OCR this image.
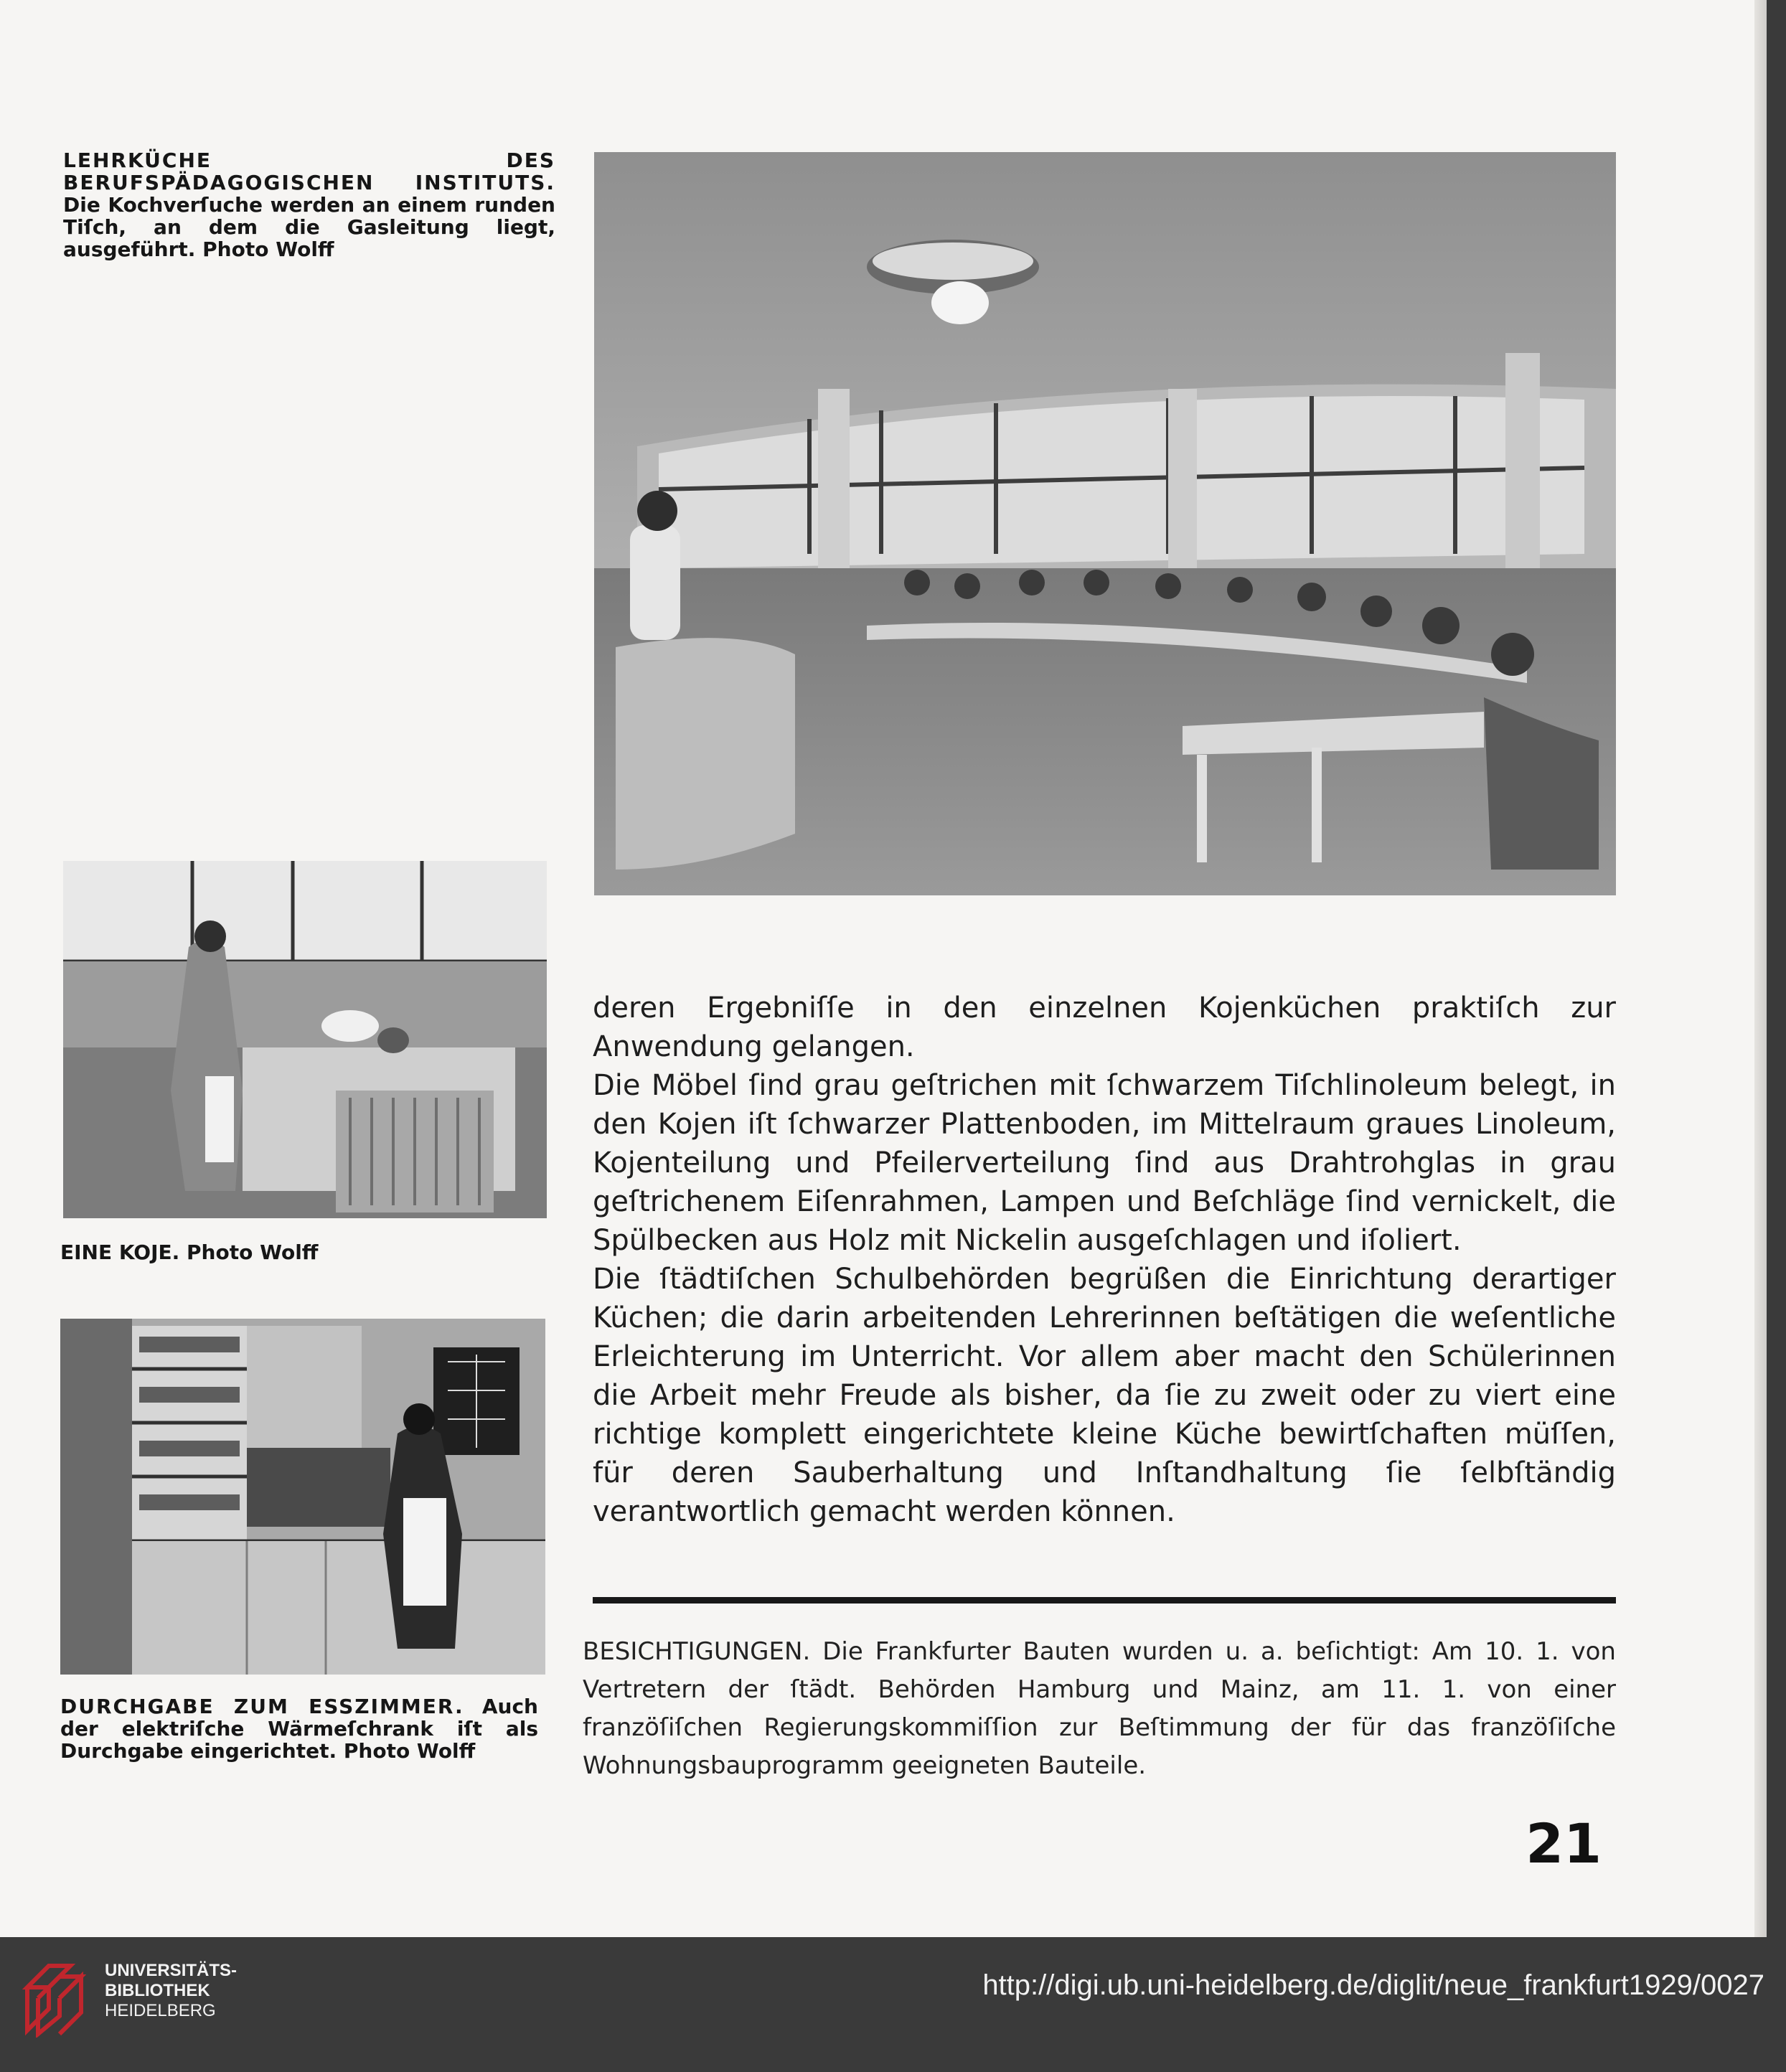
LEHRKÜCHE DES BERUFSPÄDAGOGISCHEN INSTITUTS. Die Kochverſuche werden an einem runden Tiſch, an dem die Gasleitung liegt, ausgeführt. Photo Wolff

EINE KOJE. Photo Wolff

DURCHGABE ZUM ESSZIMMER. Auch der elektriſche Wärmeſchrank iſt als Durchgabe eingerichtet. Photo Wolff

deren Ergebniſſe in den einzelnen Kojenküchen praktiſch zur Anwendung gelangen.

Die Möbel ſind grau geſtrichen mit ſchwarzem Tiſchlinoleum belegt, in den Kojen iſt ſchwarzer Plattenboden, im Mittelraum graues Linoleum, Kojenteilung und Pfeilerverteilung ſind aus Drahtrohglas in grau geſtrichenem Eiſenrahmen, Lampen und Beſchläge ſind vernickelt, die Spülbecken aus Holz mit Nickelin ausgeſchlagen und iſoliert.

Die ſtädtiſchen Schulbehörden begrüßen die Einrichtung derartiger Küchen; die darin arbeitenden Lehrerinnen beſtätigen die weſentliche Erleichterung im Unterricht. Vor allem aber macht den Schülerinnen die Arbeit mehr Freude als bisher, da ſie zu zweit oder zu viert eine richtige komplett eingerichtete kleine Küche bewirtſchaften müſſen, für deren Sauberhaltung und Inſtandhaltung ſie ſelbſtändig verantwortlich gemacht werden können.

BESICHTIGUNGEN. Die Frankfurter Bauten wurden u. a. beſichtigt: Am 10. 1. von Vertretern der ſtädt. Behörden Hamburg und Mainz, am 11. 1. von einer franzöſiſchen Regierungskommiſſion zur Beſtimmung der für das franzöſiſche Wohnungsbauprogramm geeigneten Bauteile.

21

UNIVERSITÄTS-
BIBLIOTHEK
HEIDELBERG
http://digi.ub.uni-heidelberg.de/diglit/neue_frankfurt1929/0027
